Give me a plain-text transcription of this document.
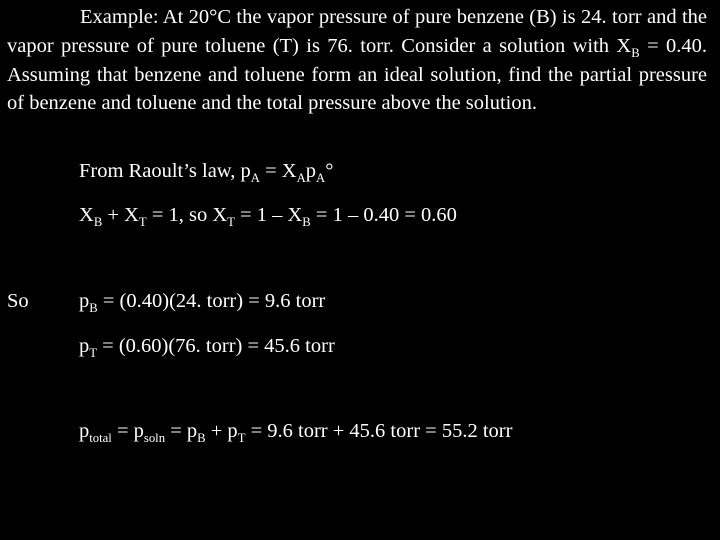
Example: At 20°C the vapor pressure of pure benzene (B) is 24. torr and the vapor pressure of pure toluene (T) is 76. torr. Consider a solution with $X_B = 0.40$. Assuming that benzene and toluene form an ideal solution, find the partial pressure of benzene and toluene and the total pressure above the solution.
From Raoult’s law, $p_A = X_Ap_A^\circ$
$X_B + X_T = 1$, so $X_T = 1 - X_B = 1 - 0.40 = 0.60$
So $p_B = (0.40)(24$. torr) = 9.6 torr
$p_T = (0.60)(76$. torr) = 45.6 torr
$p_{total} = p_{soln} = p_B + p_T = 9.6$ torr + 45.6 torr = 55.2 torr
